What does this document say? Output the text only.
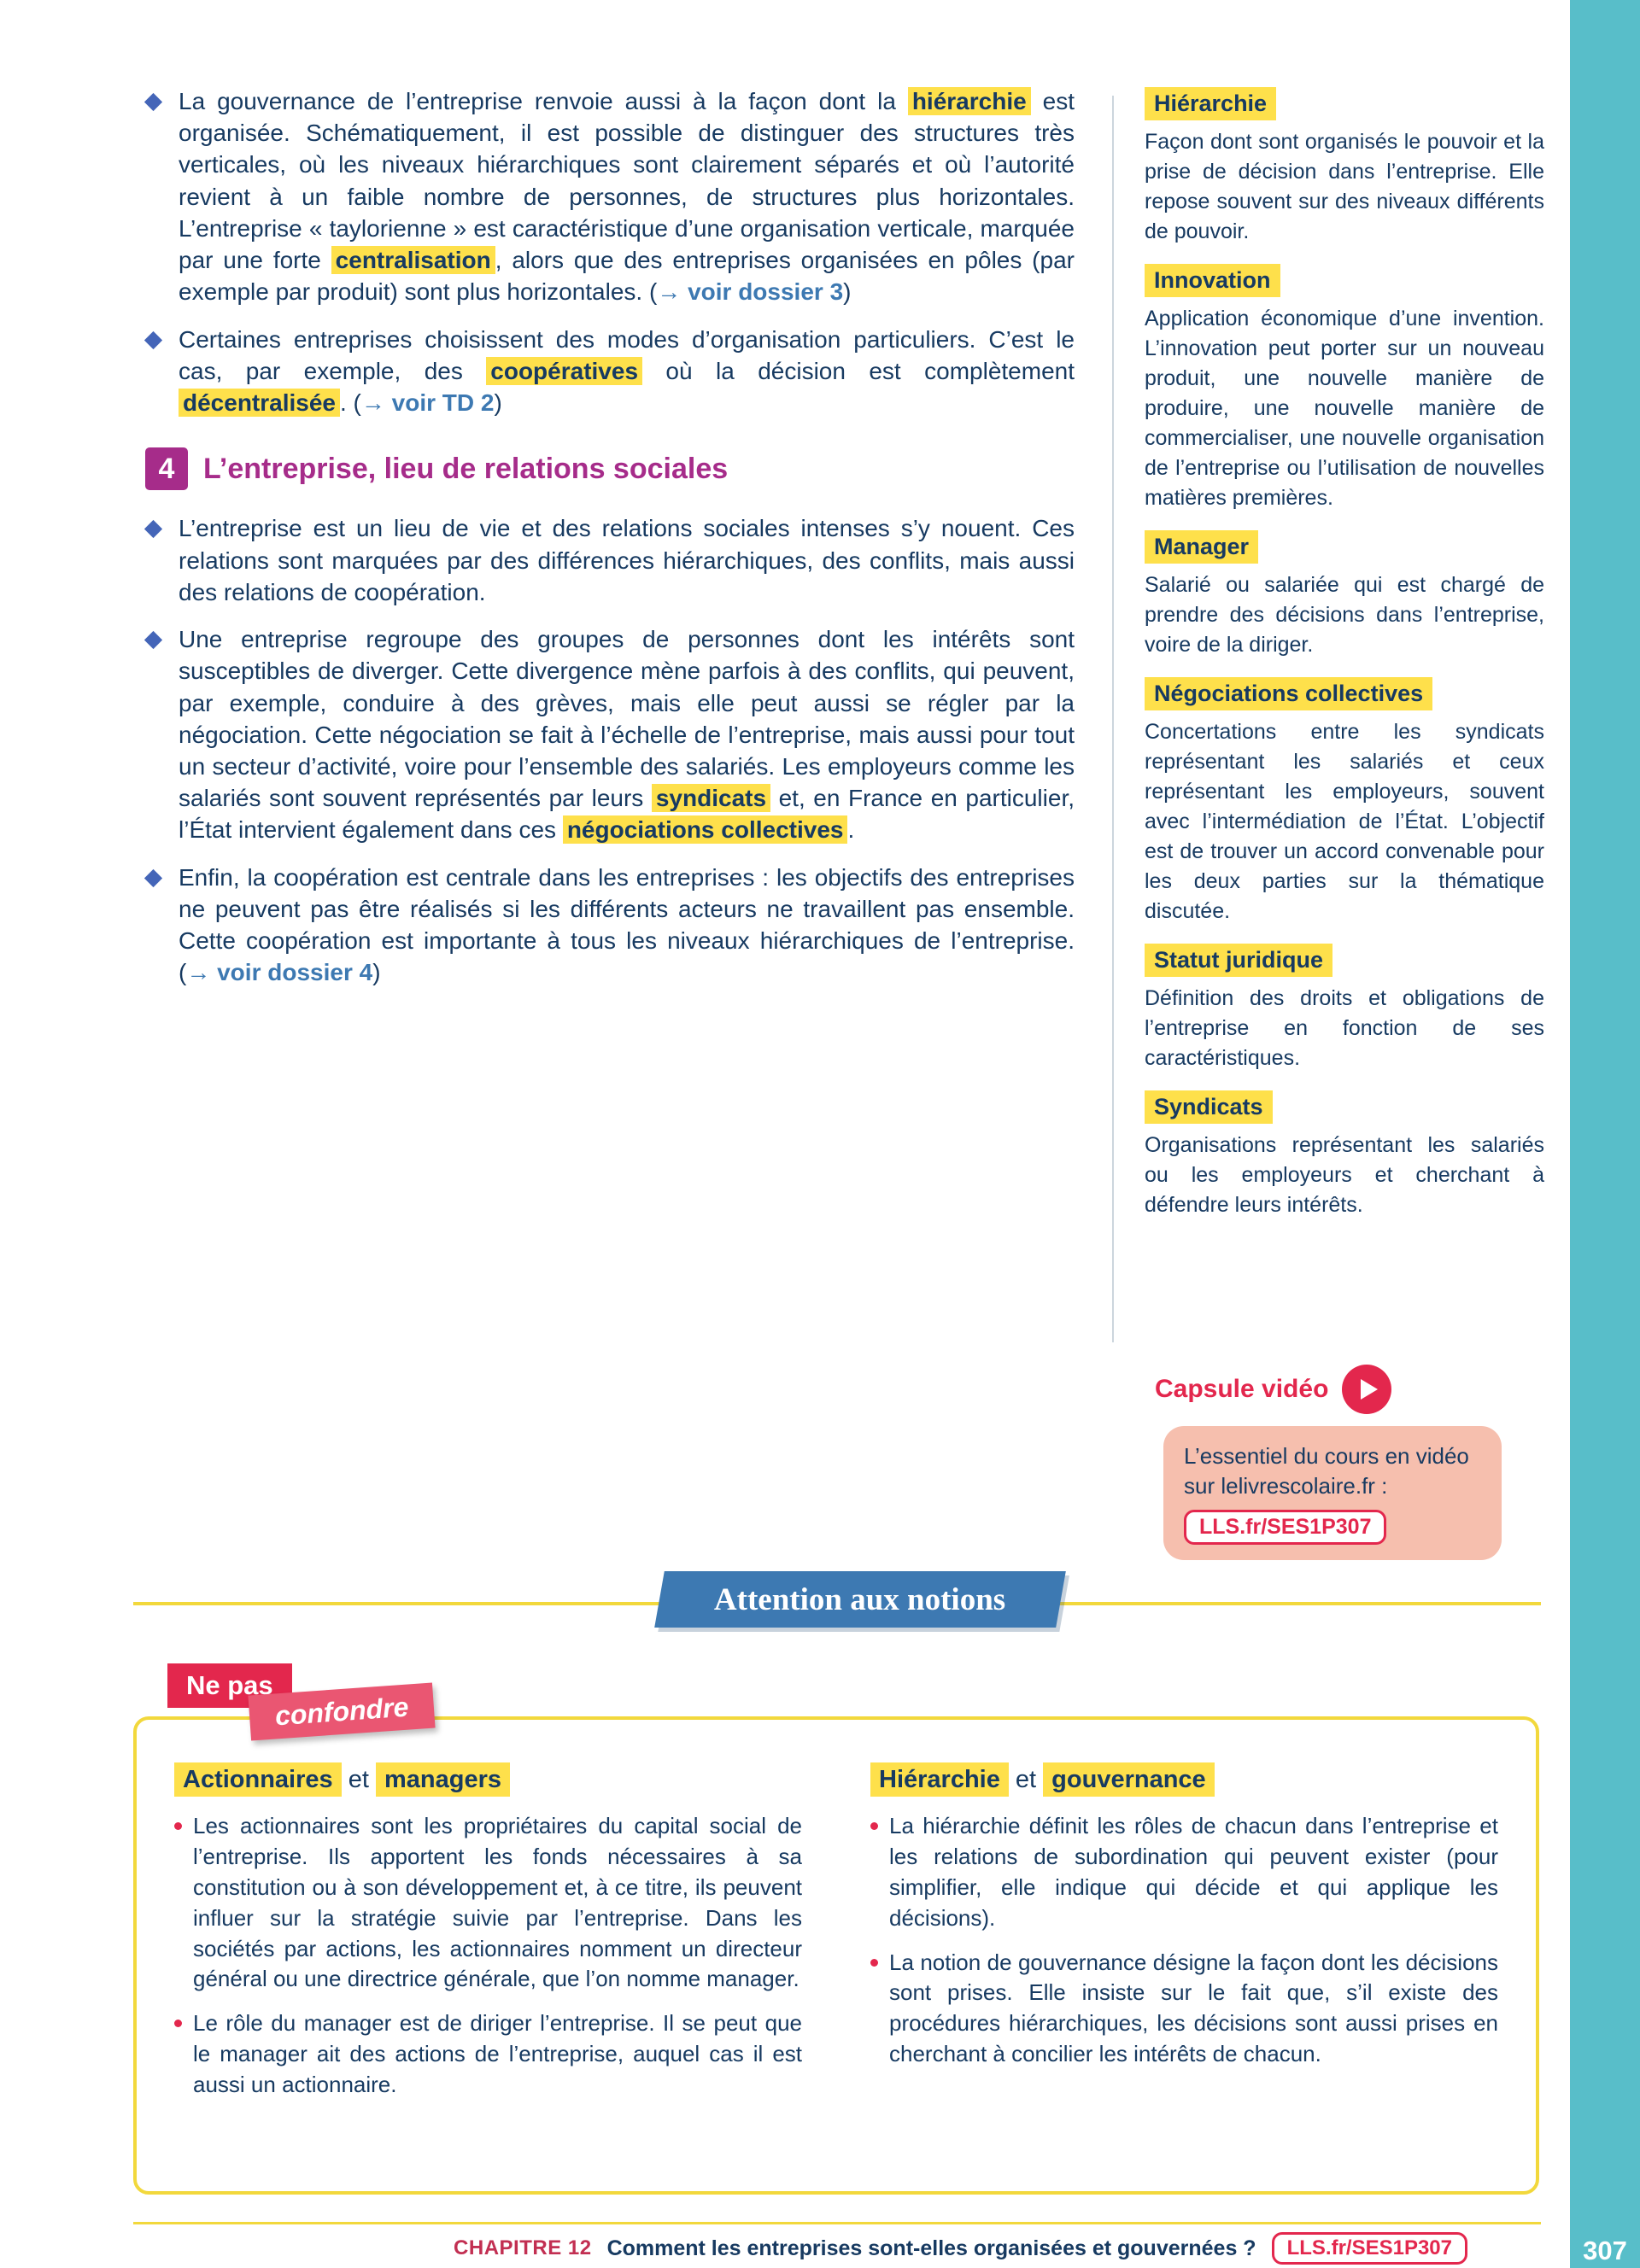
La gouvernance de l’entreprise renvoie aussi à la façon dont la hiérarchie est organisée. Schématiquement, il est possible de distinguer des structures très verticales, où les niveaux hiérarchiques sont clairement séparés et où l’autorité revient à un faible nombre de personnes, de structures plus horizontales. L’entreprise « taylorienne » est caractéristique d’une organisation verticale, marquée par une forte centralisation , alors que des entreprises organisées en pôles (par exemple par produit) sont plus horizontales. (→ voir dossier 3)

Certaines entreprises choisissent des modes d’organisation particuliers. C’est le cas, par exemple, des coopératives où la décision est complètement décentralisée . (→ voir TD 2)

4 L’entreprise, lieu de relations sociales

L’entreprise est un lieu de vie et des relations sociales intenses s’y nouent. Ces relations sont marquées par des différences hiérarchiques, des conflits, mais aussi des relations de coopération.

Une entreprise regroupe des groupes de personnes dont les intérêts sont susceptibles de diverger. Cette divergence mène parfois à des conflits, qui peuvent, par exemple, conduire à des grèves, mais elle peut aussi se régler par la négociation. Cette négociation se fait à l’échelle de l’entreprise, mais aussi pour tout un secteur d’activité, voire pour l’ensemble des salariés. Les employeurs comme les salariés sont souvent représentés par leurs syndicats et, en France en particulier, l’État intervient également dans ces négociations collectives .

Enfin, la coopération est centrale dans les entreprises : les objectifs des entreprises ne peuvent pas être réalisés si les différents acteurs ne travaillent pas ensemble. Cette coopération est importante à tous les niveaux hiérarchiques de l’entreprise. (→ voir dossier 4)

Hiérarchie

Façon dont sont organisés le pouvoir et la prise de décision dans l’entreprise. Elle repose souvent sur des niveaux différents de pouvoir.

Innovation

Application économique d’une invention. L’innovation peut porter sur un nouveau produit, une nouvelle manière de produire, une nouvelle manière de commercialiser, une nouvelle organisation de l’entreprise ou l’utilisation de nouvelles matières premières.

Manager

Salarié ou salariée qui est chargé de prendre des décisions dans l’entreprise, voire de la diriger.

Négociations collectives

Concertations entre les syndicats représentant les salariés et ceux représentant les employeurs, souvent avec l’intermédiation de l’État. L’objectif est de trouver un accord convenable pour les deux parties sur la thématique discutée.

Statut juridique

Définition des droits et obligations de l’entreprise en fonction de ses caractéristiques.

Syndicats

Organisations représentant les salariés ou les employeurs et cherchant à défendre leurs intérêts.

Capsule vidéo

L’essentiel du cours en vidéo sur lelivrescolaire.fr :

LLS.fr/SES1P307
Attention aux notions
Ne pas
confondre
Actionnaires et managers

Les actionnaires sont les propriétaires du capital social de l’entreprise. Ils apportent les fonds nécessaires à sa constitution ou à son développement et, à ce titre, ils peuvent influer sur la stratégie suivie par l’entreprise. Dans les sociétés par actions, les actionnaires nomment un directeur général ou une directrice générale, que l’on nomme manager.

Le rôle du manager est de diriger l’entreprise. Il se peut que le manager ait des actions de l’entreprise, auquel cas il est aussi un actionnaire.

Hiérarchie et gouvernance

La hiérarchie définit les rôles de chacun dans l’entreprise et les relations de subordination qui peuvent exister (pour simplifier, elle indique qui décide et qui applique les décisions).

La notion de gouvernance désigne la façon dont les décisions sont prises. Elle insiste sur le fait que, s’il existe des procédures hiérarchiques, les décisions sont aussi prises en cherchant à concilier les intérêts de chacun.

CHAPITRE 12 Comment les entreprises sont-elles organisées et gouvernées ?	LLS.fr/SES1P307	307
